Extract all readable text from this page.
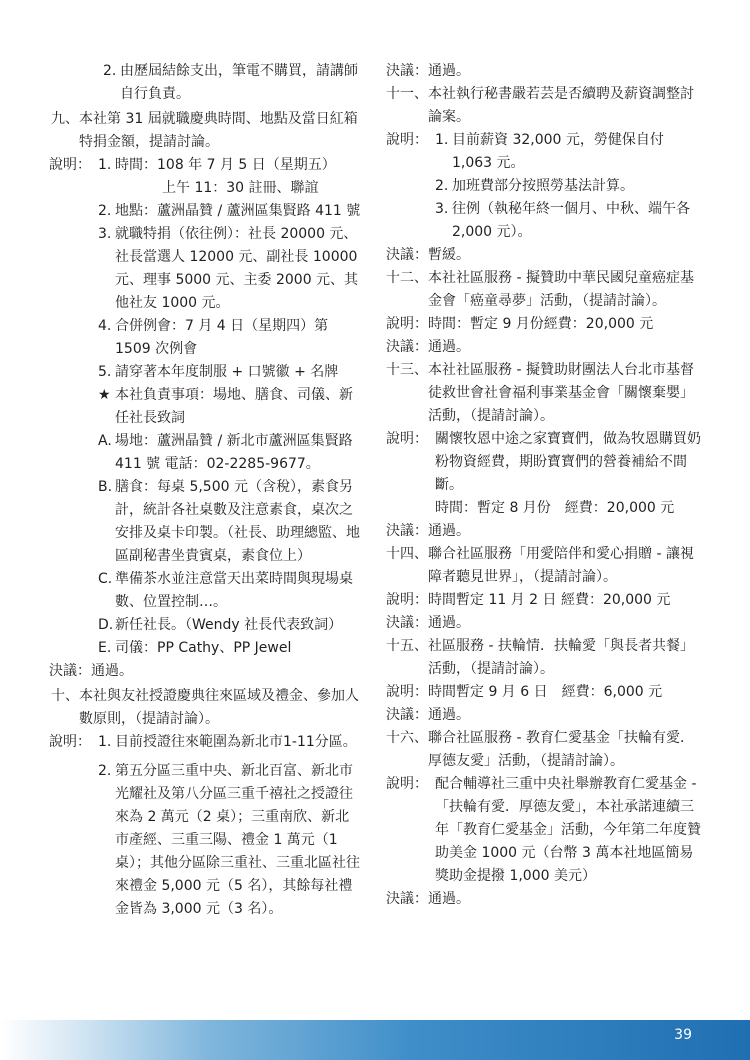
2. 由歷屆結餘支出，筆電不購買，請講師自行負責。
九、 本社第 31 屆就職慶典時間、地點及當日紅箱特捐金額，提請討論。
說明： 1. 時間：108 年 7 月 5 日（星期五）
上午 11：30 註冊、聯誼
2. 地點：蘆洲晶贊 / 蘆洲區集賢路 411 號
3. 就職特捐（依往例）：社長 20000 元、社長當選人 12000 元、副社長 10000 元、理事 5000 元、主委 2000 元、其他社友 1000 元。
4. 合併例會：7 月 4 日（星期四）第 1509 次例會
5. 請穿著本年度制服 + 口號徽 + 名牌
★ 本社負責事項：場地、膳食、司儀、新任社長致詞
A. 場地：蘆洲晶贊 / 新北市蘆洲區集賢路 411 號 電話：02-2285-9677。
B. 膳食：每桌 5,500 元（含稅），素食另計，統計各社桌數及注意素食，桌次之安排及桌卡印製。（社長、助理總監、地區副秘書坐貴賓桌，素食位上）
C. 準備茶水並注意當天出菜時間與現場桌數、位置控制…。
D. 新任社長。（Wendy 社長代表致詞）
E. 司儀：PP Cathy、PP Jewel
決議：通過。
十、 本社與友社授證慶典往來區域及禮金、參加人數原則，（提請討論）。
說明： 1. 目前授證往來範圍為新北市1-11分區。
2. 第五分區三重中央、新北百富、新北市光耀社及第八分區三重千禧社之授證往來為 2 萬元（2 桌）；三重南欣、新北市產經、三重三陽、禮金 1 萬元（1 桌）；其他分區除三重社、三重北區社往來禮金 5,000 元（5 名），其餘每社禮金皆為 3,000 元（3 名）。
決議：通過。
十一、 本社執行秘書嚴若芸是否續聘及薪資調整討論案。
說明： 1. 目前薪資 32,000 元，勞健保自付 1,063 元。
2. 加班費部分按照勞基法計算。
3. 往例（執秘年終一個月、中秋、端午各 2,000 元）。
決議：暫緩。
十二、 本社社區服務 - 擬贊助中華民國兒童癌症基金會「癌童尋夢」活動，（提請討論）。
說明：時間：暫定 9 月份經費：20,000 元
決議：通過。
十三、 本社社區服務 - 擬贊助財團法人台北市基督徒救世會社會福利事業基金會「關懷棄嬰」活動，（提請討論）。
說明： 關懷牧恩中途之家寶寶們，做為牧恩購買奶粉物資經費，期盼寶寶們的營養補給不間斷。
時間：暫定 8 月份　經費：20,000 元
決議：通過。
十四、 聯合社區服務「用愛陪伴和愛心捐贈 - 讓視障者聽見世界」，（提請討論）。
說明：時間暫定 11 月 2 日 經費：20,000 元
決議：通過。
十五、 社區服務 - 扶輪情．扶輪愛「與長者共餐」活動，（提請討論）。
說明：時間暫定 9 月 6 日　經費：6,000 元
決議：通過。
十六、 聯合社區服務 - 教育仁愛基金「扶輪有愛．厚德友愛」活動，（提請討論）。
說明： 配合輔導社三重中央社舉辦教育仁愛基金 -「扶輪有愛．厚德友愛」，本社承諾連續三年「教育仁愛基金」活動，今年第二年度贊助美金 1000 元（台幣 3 萬本社地區簡易獎助金提撥 1,000 美元）
決議：通過。
39
